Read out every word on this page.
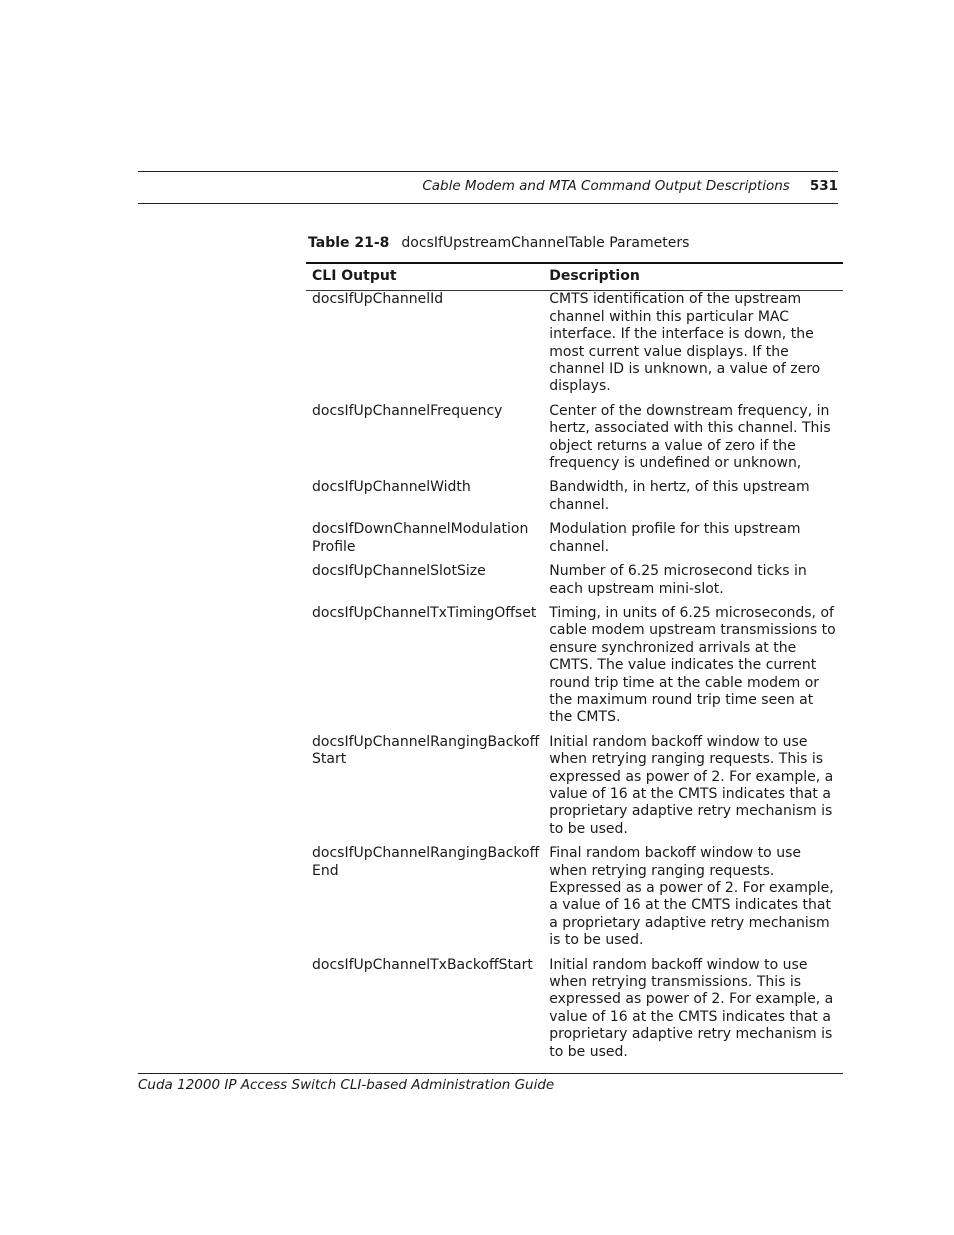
Cable Modem and MTA Command Output Descriptions 531
Table 21-8 docsIfUpstreamChannelTable Parameters
CLI Output	Description
docsIfUpChannelId	CMTS identification of the upstream channel within this particular MAC interface. If the interface is down, the most current value displays. If the channel ID is unknown, a value of zero displays.
docsIfUpChannelFrequency	Center of the downstream frequency, in hertz, associated with this channel. This object returns a value of zero if the frequency is undefined or unknown,
docsIfUpChannelWidth	Bandwidth, in hertz, of this upstream channel.
docsIfDownChannelModulation Profile	Modulation profile for this upstream channel.
docsIfUpChannelSlotSize	Number of 6.25 microsecond ticks in each upstream mini-slot.
docsIfUpChannelTxTimingOffset	Timing, in units of 6.25 microseconds, of cable modem upstream transmissions to ensure synchronized arrivals at the CMTS. The value indicates the current round trip time at the cable modem or the maximum round trip time seen at the CMTS.
docsIfUpChannelRangingBackoff Start	Initial random backoff window to use when retrying ranging requests. This is expressed as power of 2. For example, a value of 16 at the CMTS indicates that a proprietary adaptive retry mechanism is to be used.
docsIfUpChannelRangingBackoff End	Final random backoff window to use when retrying ranging requests. Expressed as a power of 2. For example, a value of 16 at the CMTS indicates that a proprietary adaptive retry mechanism is to be used.
docsIfUpChannelTxBackoffStart	Initial random backoff window to use when retrying transmissions. This is expressed as power of 2. For example, a value of 16 at the CMTS indicates that a proprietary adaptive retry mechanism is to be used.
Cuda 12000 IP Access Switch CLI-based Administration Guide
